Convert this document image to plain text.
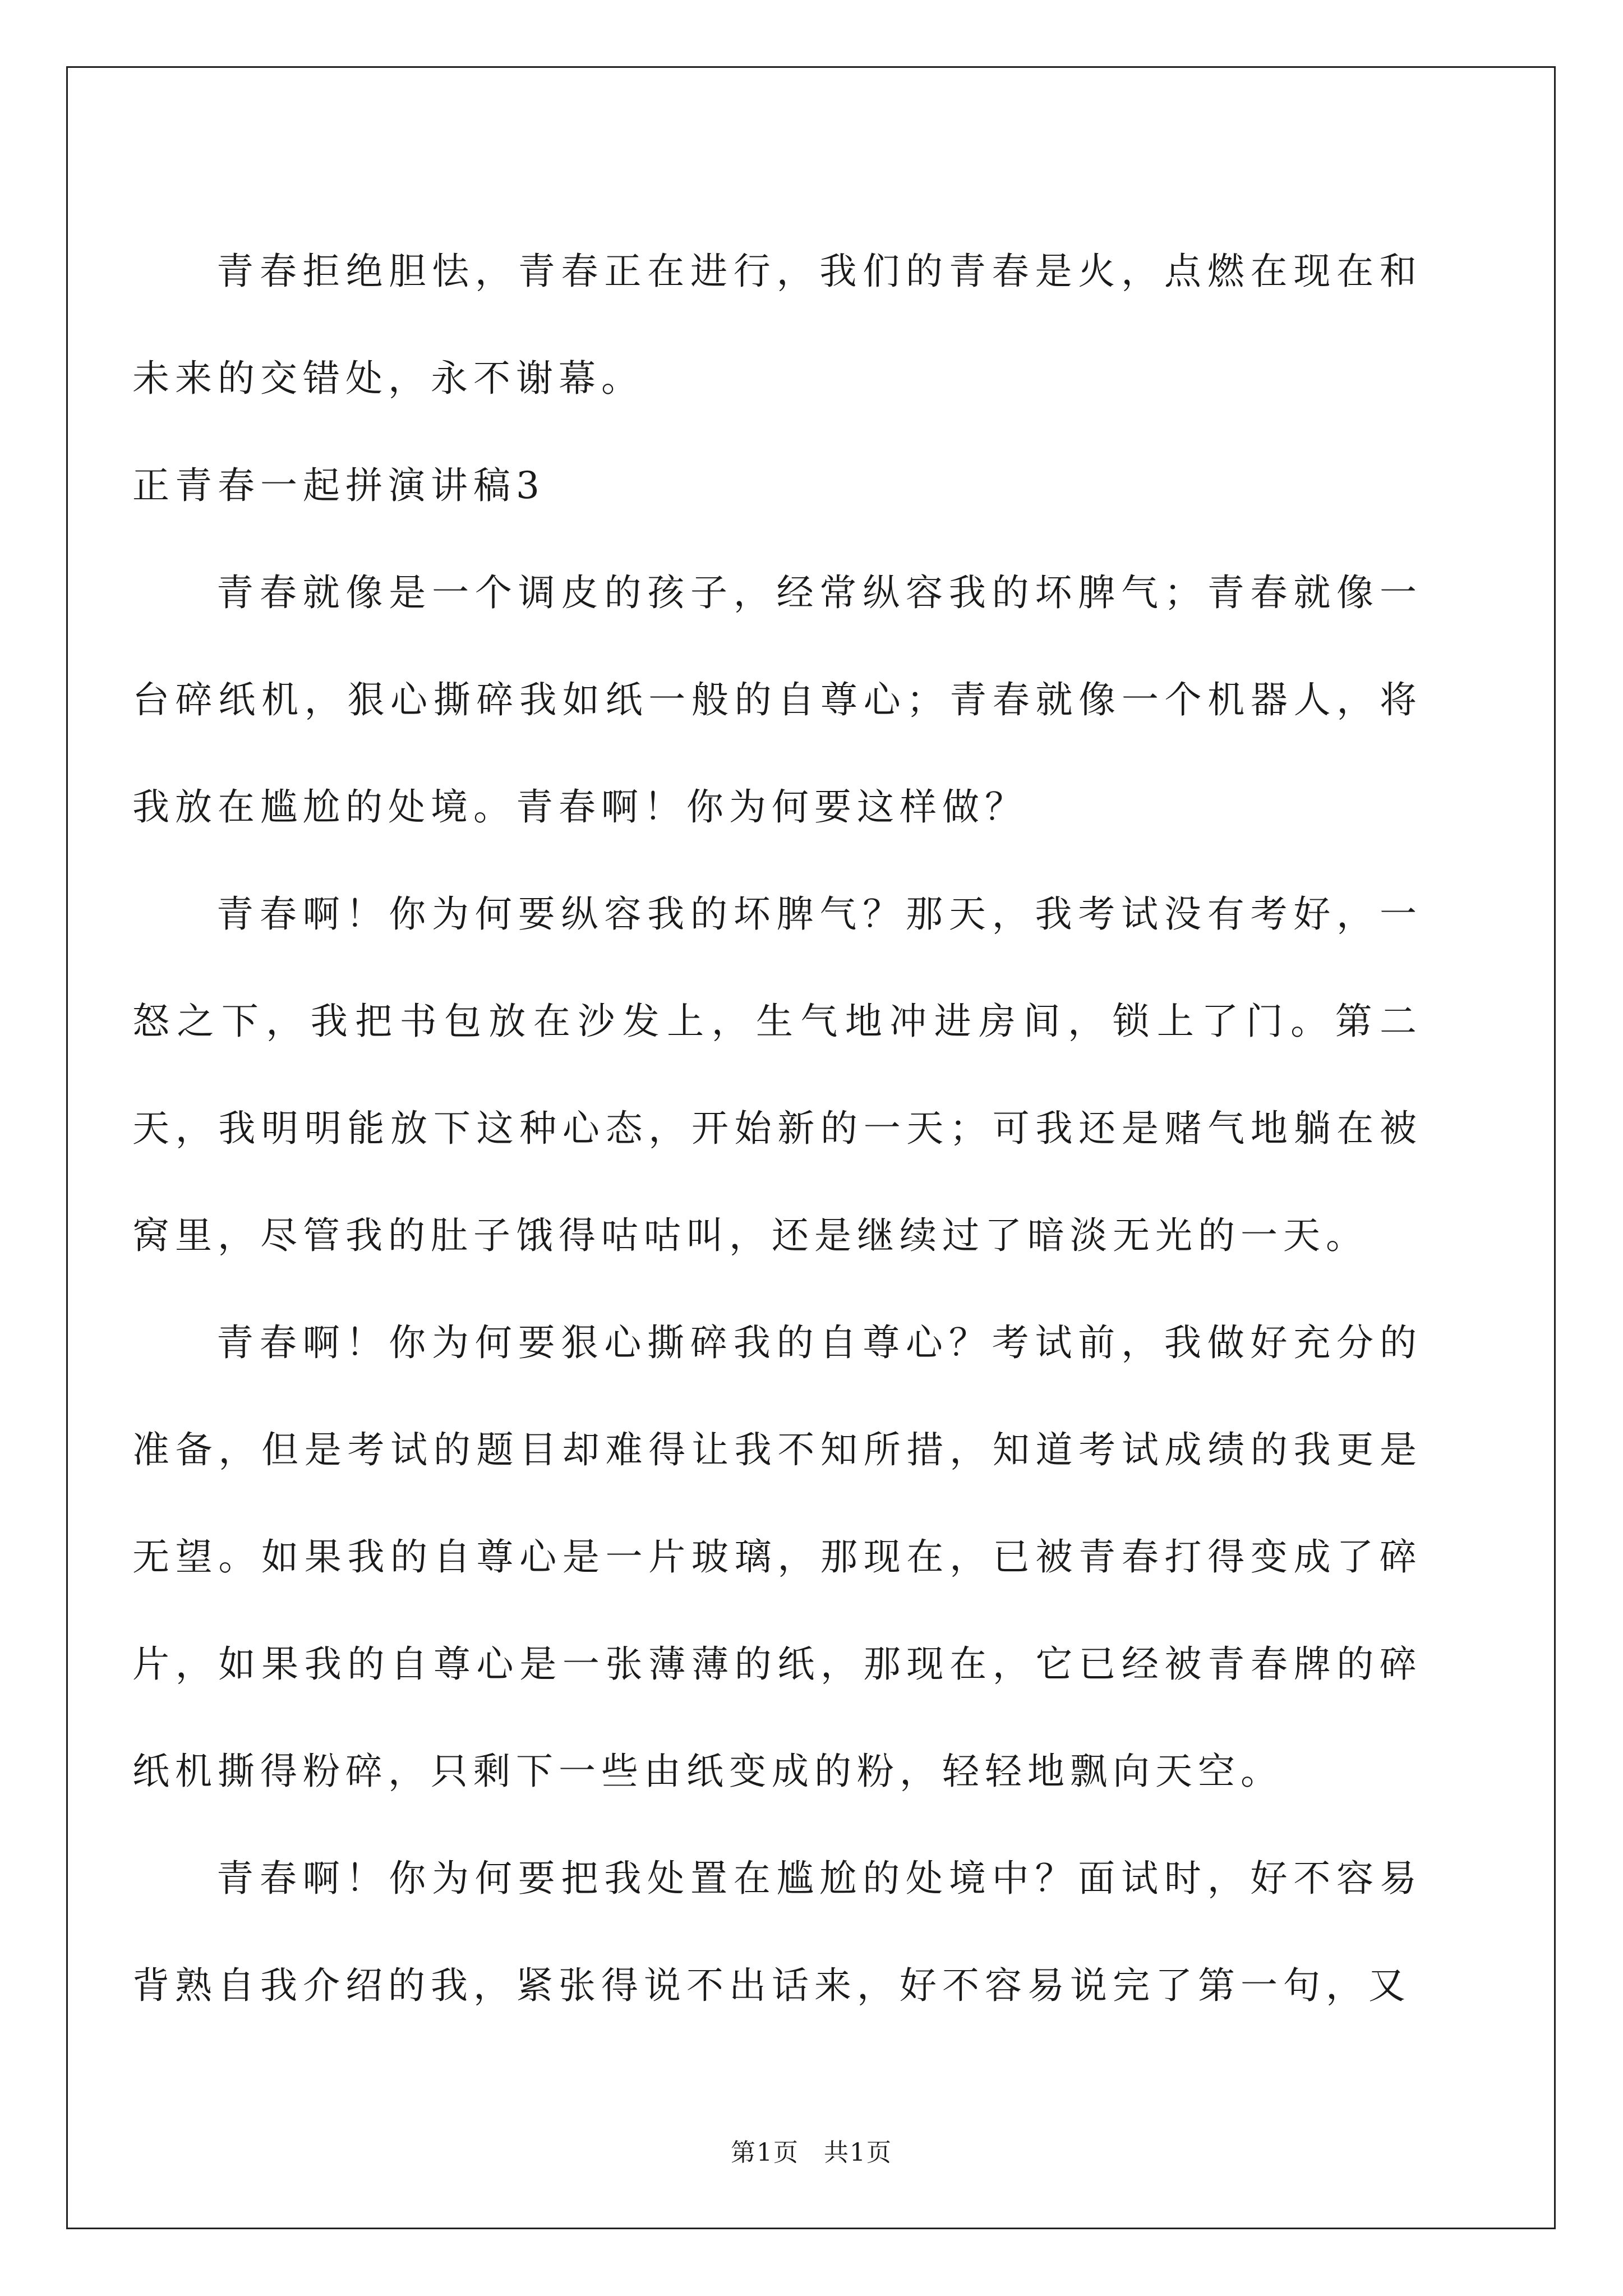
青春拒绝胆怯，青春正在进行，我们的青春是火，点燃在现在和未来的交错处，永不谢幕。

正青春一起拼演讲稿3

青春就像是一个调皮的孩子，经常纵容我的坏脾气；青春就像一台碎纸机，狠心撕碎我如纸一般的自尊心；青春就像一个机器人，将我放在尴尬的处境。青春啊！你为何要这样做？

青春啊！你为何要纵容我的坏脾气？那天，我考试没有考好，一怒之下，我把书包放在沙发上，生气地冲进房间，锁上了门。第二天，我明明能放下这种心态，开始新的一天；可我还是赌气地躺在被窝里，尽管我的肚子饿得咕咕叫，还是继续过了暗淡无光的一天。

青春啊！你为何要狠心撕碎我的自尊心？考试前，我做好充分的准备，但是考试的题目却难得让我不知所措，知道考试成绩的我更是无望。如果我的自尊心是一片玻璃，那现在，已被青春打得变成了碎片，如果我的自尊心是一张薄薄的纸，那现在，它已经被青春牌的碎纸机撕得粉碎，只剩下一些由纸变成的粉，轻轻地飘向天空。

青春啊！你为何要把我处置在尴尬的处境中？面试时，好不容易背熟自我介绍的我，紧张得说不出话来，好不容易说完了第一句，又

第1页 共1页
